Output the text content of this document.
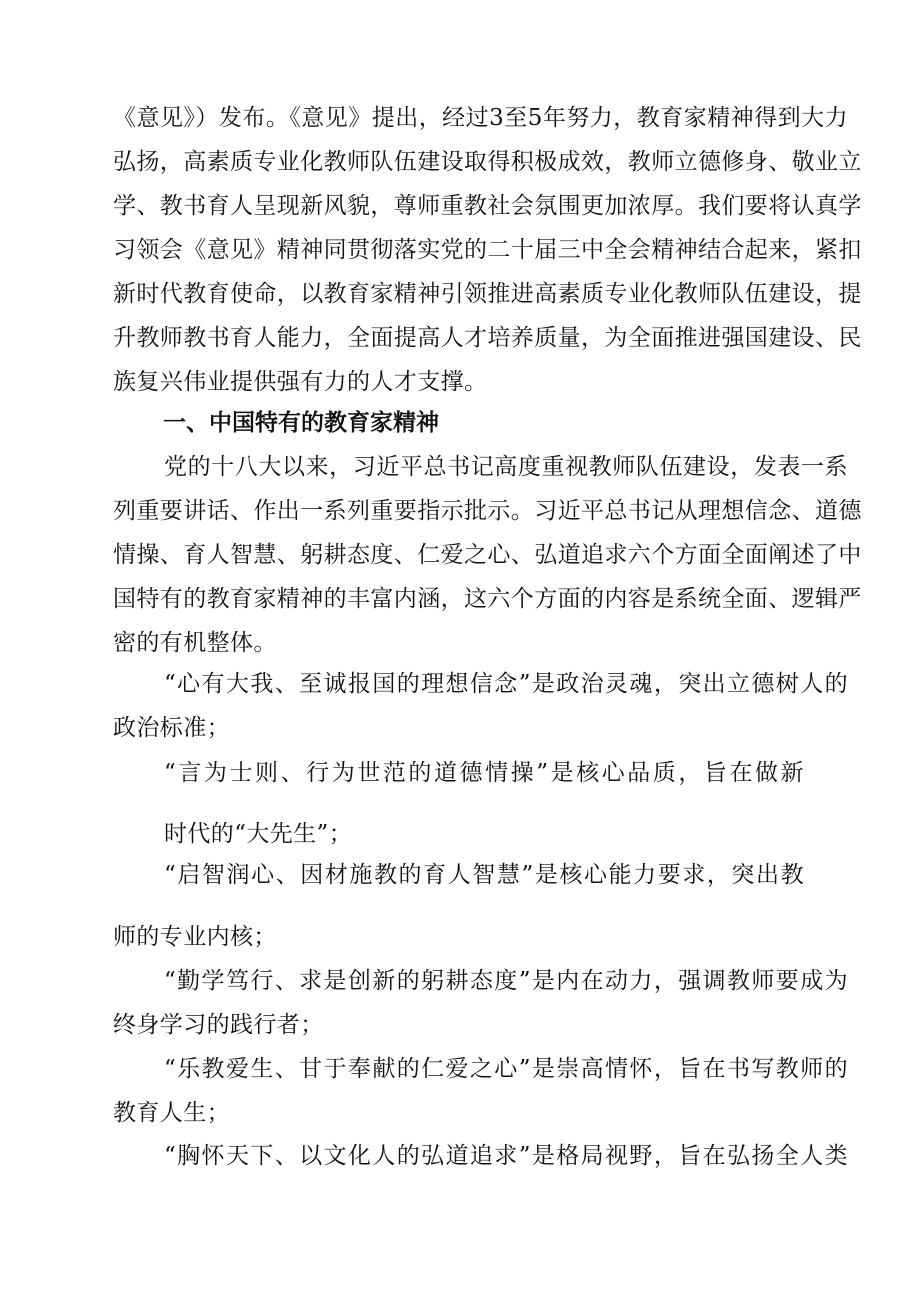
《意见》）发布。《意见》提出，经过3至5年努力，教育家精神得到大力
弘扬，高素质专业化教师队伍建设取得积极成效，教师立德修身、敬业立
学、教书育人呈现新风貌，尊师重教社会氛围更加浓厚。我们要将认真学
习领会《意见》精神同贯彻落实党的二十届三中全会精神结合起来，紧扣
新时代教育使命，以教育家精神引领推进高素质专业化教师队伍建设，提
升教师教书育人能力，全面提高人才培养质量，为全面推进强国建设、民
族复兴伟业提供强有力的人才支撑。
一、中国特有的教育家精神
党的十八大以来，习近平总书记高度重视教师队伍建设，发表一系
列重要讲话、作出一系列重要指示批示。习近平总书记从理想信念、道德
情操、育人智慧、躬耕态度、仁爱之心、弘道追求六个方面全面阐述了中
国特有的教育家精神的丰富内涵，这六个方面的内容是系统全面、逻辑严
密的有机整体。
“心有大我、至诚报国的理想信念”是政治灵魂，突出立德树人的
政治标准；
“言为士则、行为世范的道德情操”是核心品质，旨在做新
时代的“大先生”；
“启智润心、因材施教的育人智慧”是核心能力要求，突出教
师的专业内核；
“勤学笃行、求是创新的躬耕态度”是内在动力，强调教师要成为
终身学习的践行者；
“乐教爱生、甘于奉献的仁爱之心”是崇高情怀，旨在书写教师的
教育人生；
“胸怀天下、以文化人的弘道追求”是格局视野，旨在弘扬全人类
